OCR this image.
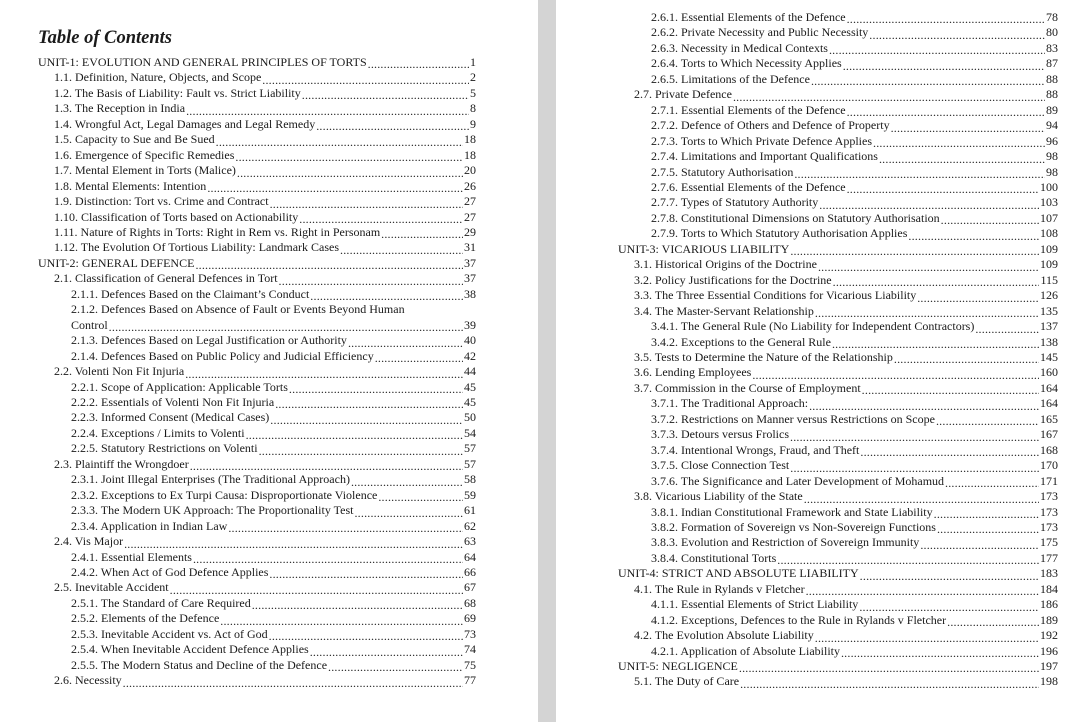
Table of Contents
UNIT-1: EVOLUTION AND GENERAL PRINCIPLES OF TORTS .....	1
1.1. Definition, Nature, Objects, and Scope .....	2
1.2. The Basis of Liability: Fault vs. Strict Liability .....	5
1.3. The Reception in India .....	8
1.4. Wrongful Act, Legal Damages and Legal Remedy .....	9
1.5. Capacity to Sue and Be Sued .....	18
1.6. Emergence of Specific Remedies .....	18
1.7. Mental Element in Torts (Malice) .....	20
1.8. Mental Elements: Intention .....	26
1.9. Distinction: Tort vs. Crime and Contract .....	27
1.10. Classification of Torts based on Actionability .....	27
1.11. Nature of Rights in Torts: Right in Rem vs. Right in Personam .....	29
1.12. The Evolution Of Tortious Liability: Landmark Cases .....	31
UNIT-2: GENERAL DEFENCE .....	37
2.1. Classification of General Defences in Tort .....	37
2.1.1. Defences Based on the Claimant’s Conduct .....	38
2.1.2. Defences Based on Absence of Fault or Events Beyond Human
Control .....	39
2.1.3. Defences Based on Legal Justification or Authority .....	40
2.1.4. Defences Based on Public Policy and Judicial Efficiency .....	42
2.2. Volenti Non Fit Injuria .....	44
2.2.1. Scope of Application: Applicable Torts .....	45
2.2.2. Essentials of Volenti Non Fit Injuria .....	45
2.2.3. Informed Consent (Medical Cases) .....	50
2.2.4. Exceptions / Limits to Volenti .....	54
2.2.5. Statutory Restrictions on Volenti .....	57
2.3. Plaintiff the Wrongdoer .....	57
2.3.1. Joint Illegal Enterprises (The Traditional Approach) .....	58
2.3.2. Exceptions to Ex Turpi Causa: Disproportionate Violence .....	59
2.3.3. The Modern UK Approach: The Proportionality Test .....	61
2.3.4. Application in Indian Law .....	62
2.4. Vis Major .....	63
2.4.1. Essential Elements .....	64
2.4.2. When Act of God Defence Applies .....	66
2.5. Inevitable Accident .....	67
2.5.1. The Standard of Care Required .....	68
2.5.2. Elements of the Defence .....	69
2.5.3. Inevitable Accident vs. Act of God .....	73
2.5.4. When Inevitable Accident Defence Applies .....	74
2.5.5. The Modern Status and Decline of the Defence .....	75
2.6. Necessity .....	77
2.6.1. Essential Elements of the Defence .....	78
2.6.2. Private Necessity and Public Necessity .....	80
2.6.3. Necessity in Medical Contexts .....	83
2.6.4. Torts to Which Necessity Applies .....	87
2.6.5. Limitations of the Defence .....	88
2.7. Private Defence .....	88
2.7.1. Essential Elements of the Defence .....	89
2.7.2. Defence of Others and Defence of Property .....	94
2.7.3. Torts to Which Private Defence Applies .....	96
2.7.4. Limitations and Important Qualifications .....	98
2.7.5. Statutory Authorisation .....	98
2.7.6. Essential Elements of the Defence .....	100
2.7.7. Types of Statutory Authority .....	103
2.7.8. Constitutional Dimensions on Statutory Authorisation .....	107
2.7.9. Torts to Which Statutory Authorisation Applies .....	108
UNIT-3: VICARIOUS LIABILITY .....	109
3.1. Historical Origins of the Doctrine .....	109
3.2. Policy Justifications for the Doctrine .....	115
3.3. The Three Essential Conditions for Vicarious Liability .....	126
3.4. The Master-Servant Relationship .....	135
3.4.1. The General Rule (No Liability for Independent Contractors) .....	137
3.4.2. Exceptions to the General Rule .....	138
3.5. Tests to Determine the Nature of the Relationship .....	145
3.6. Lending Employees .....	160
3.7. Commission in the Course of Employment .....	164
3.7.1. The Traditional Approach: .....	164
3.7.2. Restrictions on Manner versus Restrictions on Scope .....	165
3.7.3. Detours versus Frolics .....	167
3.7.4. Intentional Wrongs, Fraud, and Theft .....	168
3.7.5. Close Connection Test .....	170
3.7.6. The Significance and Later Development of Mohamud .....	171
3.8. Vicarious Liability of the State .....	173
3.8.1. Indian Constitutional Framework and State Liability .....	173
3.8.2. Formation of Sovereign vs Non-Sovereign Functions .....	173
3.8.3. Evolution and Restriction of Sovereign Immunity .....	175
3.8.4. Constitutional Torts .....	177
UNIT-4: STRICT AND ABSOLUTE LIABILITY .....	183
4.1. The Rule in Rylands v Fletcher .....	184
4.1.1. Essential Elements of Strict Liability .....	186
4.1.2. Exceptions, Defences to the Rule in Rylands v Fletcher .....	189
4.2. The Evolution Absolute Liability .....	192
4.2.1. Application of Absolute Liability .....	196
UNIT-5: NEGLIGENCE .....	197
5.1. The Duty of Care .....	198
